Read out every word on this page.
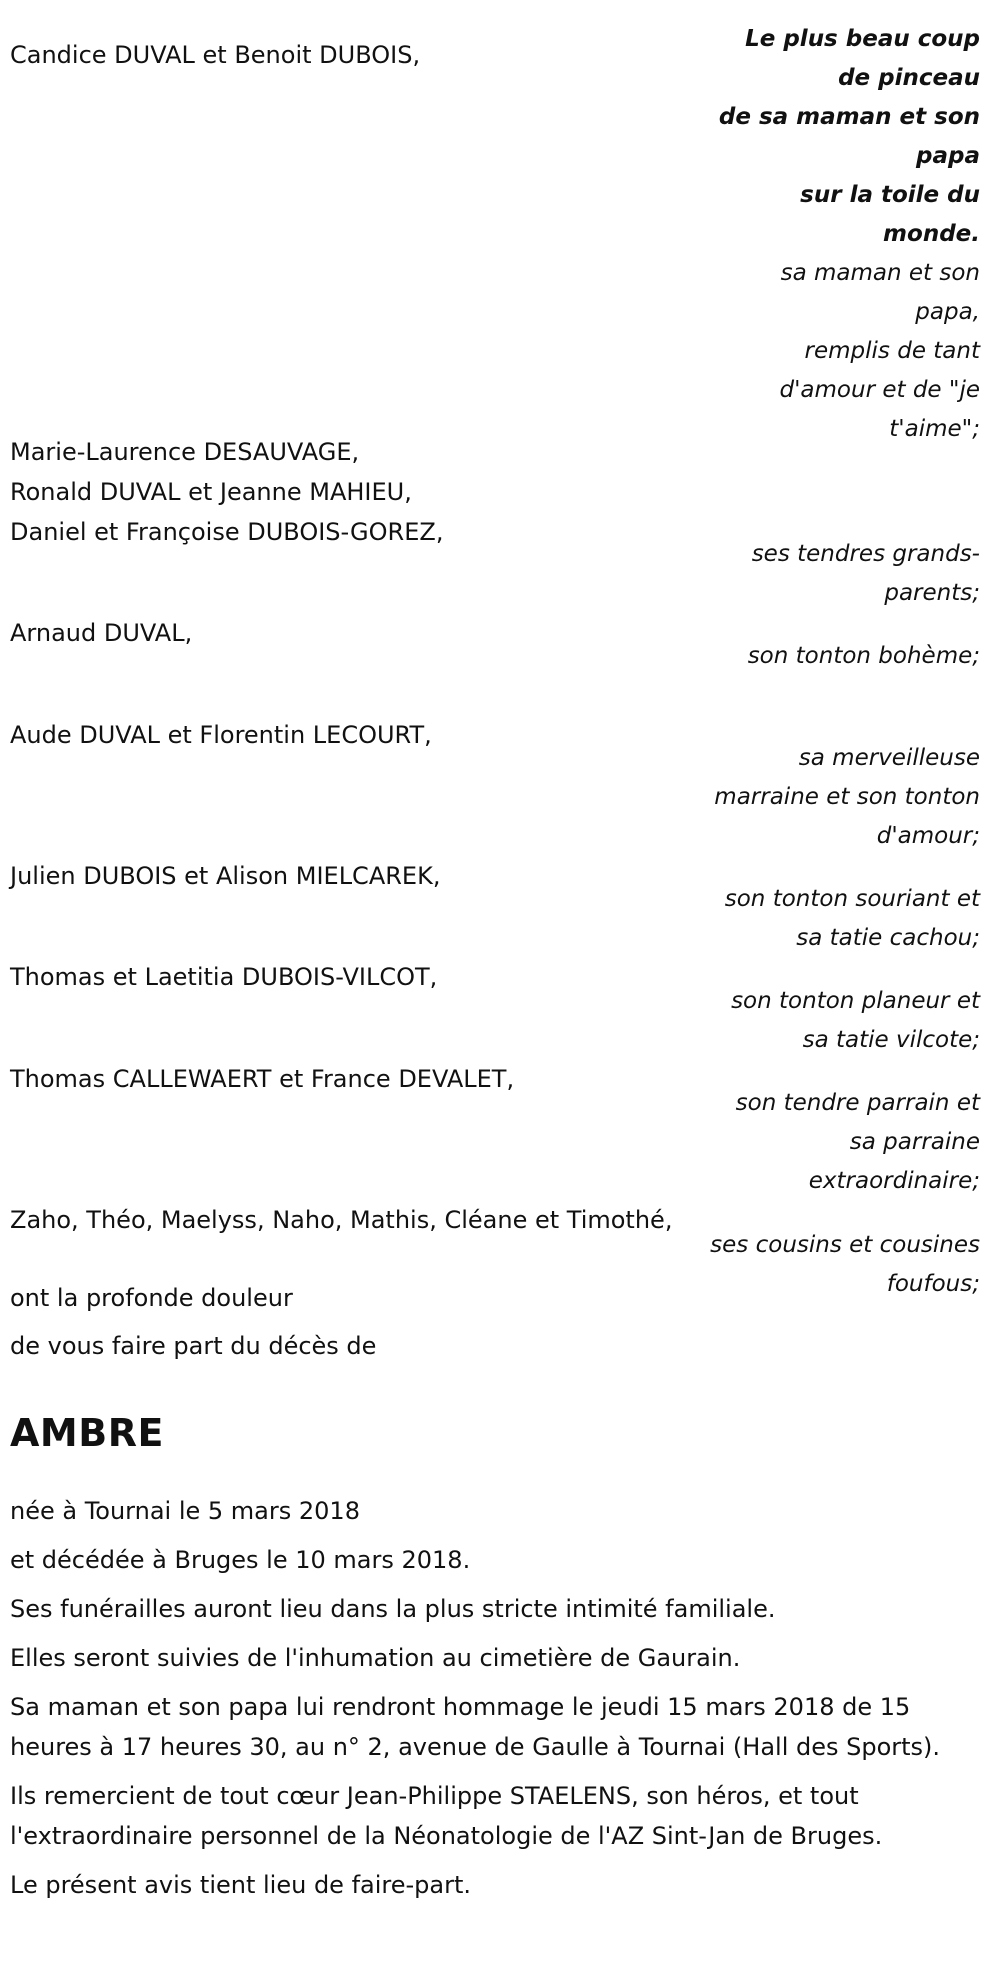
Candice DUVAL et Benoit DUBOIS,
Marie-Laurence DESAUVAGE,
Ronald DUVAL et Jeanne MAHIEU,
Daniel et Françoise DUBOIS-GOREZ,
Arnaud DUVAL,
Aude DUVAL et Florentin LECOURT,
Julien DUBOIS et Alison MIELCAREK,
Thomas et Laetitia DUBOIS-VILCOT,
Thomas CALLEWAERT et France DEVALET,
Zaho, Théo, Maelyss, Naho, Mathis, Cléane et Timothé,
ont la profonde douleur
de vous faire part du décès de
Le plus beau coup de pinceau
de sa maman et son papa
sur la toile du monde.
sa maman et son papa,
remplis de tant d'amour et de "je t'aime";
ses tendres grands-parents;
son tonton bohème;
sa merveilleuse marraine et son tonton d'amour;
son tonton souriant et sa tatie cachou;
son tonton planeur et sa tatie vilcote;
son tendre parrain et sa parraine extraordinaire;
ses cousins et cousines foufous;
AMBRE
née à Tournai le 5 mars 2018
et décédée à Bruges le 10 mars 2018.
Ses funérailles auront lieu dans la plus stricte intimité familiale.
Elles seront suivies de l'inhumation au cimetière de Gaurain.
Sa maman et son papa lui rendront hommage le jeudi 15 mars 2018 de 15 heures à 17 heures 30, au n° 2, avenue de Gaulle à Tournai (Hall des Sports).
Ils remercient de tout cœur Jean-Philippe STAELENS, son héros, et tout l'extraordinaire personnel de la Néonatologie de l'AZ Sint-Jan de Bruges.
Le présent avis tient lieu de faire-part.
